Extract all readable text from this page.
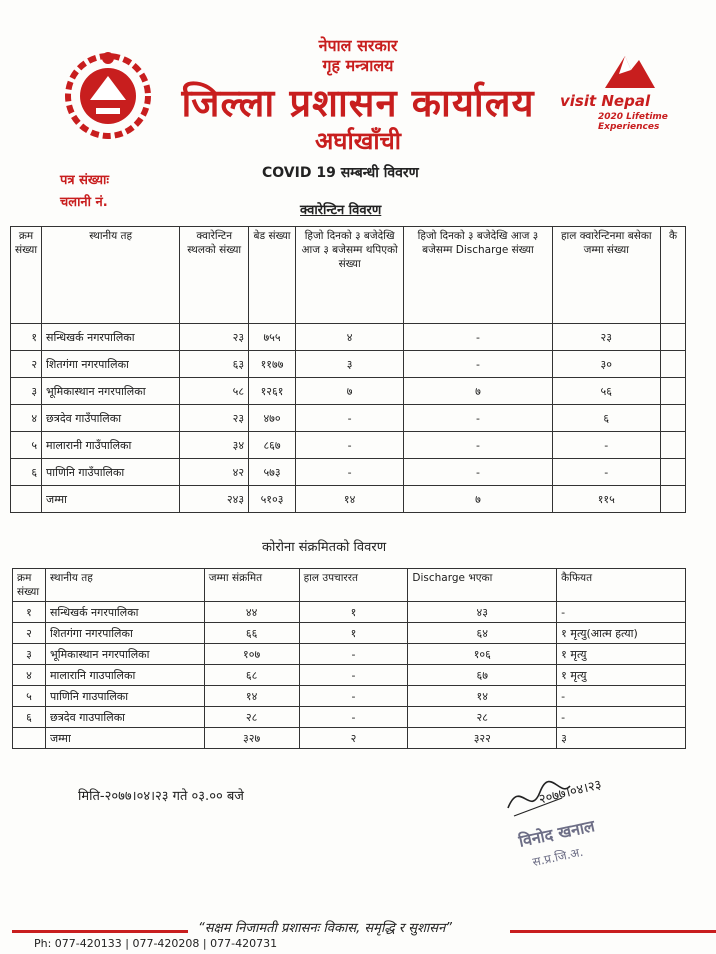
नेपाल सरकार
गृह मन्त्रालय
जिल्ला प्रशासन कार्यालय
अर्घाखाँची
visit Nepal
2020 Lifetime Experiences
पत्र संख्याः
चलानी नं.
COVID 19 सम्बन्धी विवरण
क्वारेन्टिन विवरण
क्रम संख्या	स्थानीय तह	क्वारेन्टिन स्थलको संख्या	बेड संख्या	हिजो दिनको ३ बजेदेखि आज ३ बजेसम्म थपिएको संख्या	हिजो दिनको ३ बजेदेखि आज ३ बजेसम्म Discharge संख्या	हाल क्वारेन्टिनमा बसेका जम्मा संख्या	कै
१	सन्धिखर्क नगरपालिका	२३	७५५	४	-	२३	
२	शितगंगा नगरपालिका	६३	११७७	३	-	३०	
३	भूमिकास्थान नगरपालिका	५८	१२६१	७	७	५६	
४	छत्रदेव गाउँपालिका	२३	४७०	-	-	६	
५	मालारानी गाउँपालिका	३४	८६७	-	-	-	
६	पाणिनि गाउँपालिका	४२	५७३	-	-	-	
	जम्मा	२४३	५१०३	१४	७	११५	
कोरोना संक्रमितको विवरण
क्रम संख्या	स्थानीय तह	जम्मा संक्रमित	हाल उपचाररत	Discharge भएका	कैफियत
१	सन्धिखर्क नगरपालिका	४४	१	४३	-
२	शितगंगा नगरपालिका	६६	१	६४	१ मृत्यु(आत्म हत्या)
३	भूमिकास्थान नगरपालिका	१०७	-	१०६	१ मृत्यु
४	मालारानि गाउपालिका	६८	-	६७	१ मृत्यु
५	पाणिनि गाउपालिका	१४	-	१४	-
६	छत्रदेव गाउपालिका	२८	-	२८	-
	जम्मा	३२७	२	३२२	३
मिति-२०७७।०४।२३ गते ०३.०० बजे	२०७७।०४।२३
विनोद खनाल
स.प्र.जि.अ.
“सक्षम निजामती प्रशासनः विकास, समृद्धि र सुशासन”
Ph: 077-420133 | 077-420208 | 077-420731
